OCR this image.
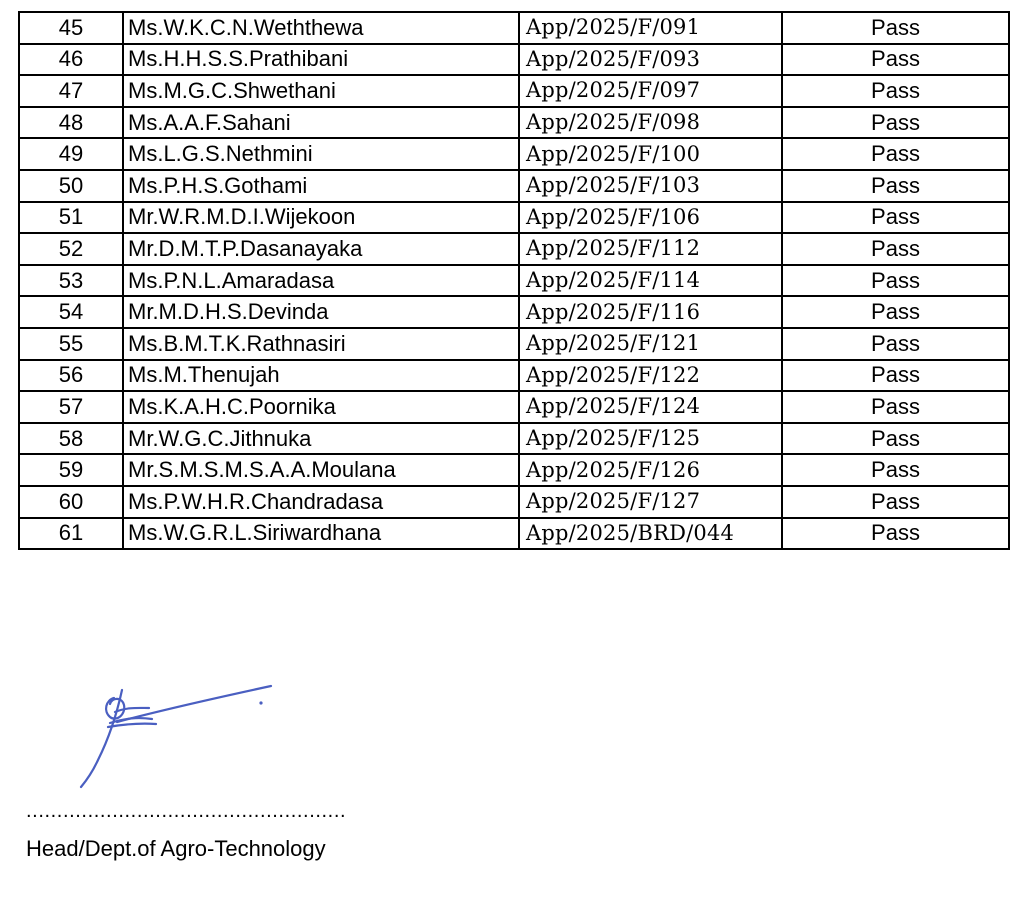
45	Ms.W.K.C.N.Weththewa	App/2025/F/091	Pass
46	Ms.H.H.S.S.Prathibani	App/2025/F/093	Pass
47	Ms.M.G.C.Shwethani	App/2025/F/097	Pass
48	Ms.A.A.F.Sahani	App/2025/F/098	Pass
49	Ms.L.G.S.Nethmini	App/2025/F/100	Pass
50	Ms.P.H.S.Gothami	App/2025/F/103	Pass
51	Mr.W.R.M.D.I.Wijekoon	App/2025/F/106	Pass
52	Mr.D.M.T.P.Dasanayaka	App/2025/F/112	Pass
53	Ms.P.N.L.Amaradasa	App/2025/F/114	Pass
54	Mr.M.D.H.S.Devinda	App/2025/F/116	Pass
55	Ms.B.M.T.K.Rathnasiri	App/2025/F/121	Pass
56	Ms.M.Thenujah	App/2025/F/122	Pass
57	Ms.K.A.H.C.Poornika	App/2025/F/124	Pass
58	Mr.W.G.C.Jithnuka	App/2025/F/125	Pass
59	Mr.S.M.S.M.S.A.A.Moulana	App/2025/F/126	Pass
60	Ms.P.W.H.R.Chandradasa	App/2025/F/127	Pass
61	Ms.W.G.R.L.Siriwardhana	App/2025/BRD/044	Pass
....................................................
Head/Dept.of Agro-Technology
